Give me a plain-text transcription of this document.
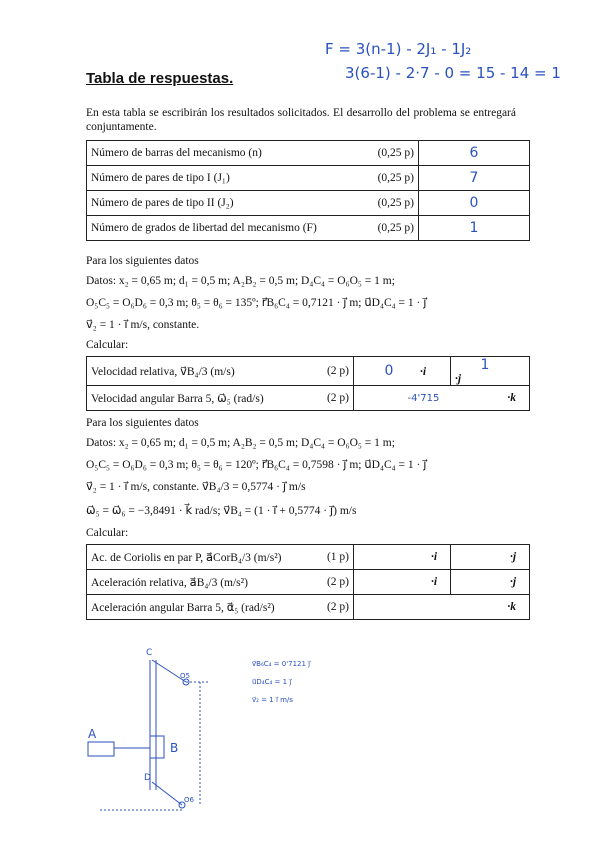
F = 3(n-1) - 2J₁ - 1J₂
3(6-1) - 2·7 - 0 = 15 - 14 = 1
Tabla de respuestas.
En esta tabla se escribirán los resultados solicitados. El desarrollo del problema se entregará conjuntamente.
Número de barras del mecanismo (n)	(0,25 p)	6
Número de pares de tipo I (J₁)	(0,25 p)	7
Número de pares de tipo II (J₂)	(0,25 p)	0
Número de grados de libertad del mecanismo (F)	(0,25 p)	1
Para los siguientes datos
Datos: x₂ = 0,65 m; d₁ = 0,5 m; A₂B₂ = 0,5 m; D₄C₄ = O₆O₅ = 1 m;
O₅C₅ = O₆D₆ = 0,3 m; θ₅ = θ₆ = 135º; r⃗B₆C₄ = 0,7121 · j⃗ m; u⃗D₄C₄ = 1 · j⃗
v⃗₂ = 1 · i⃗ m/s, constante.
Calcular:
Velocidad relativa, v⃗B₄/3 (m/s)	(2 p)	0 ·i⃗	1·j⃗
Velocidad angular Barra 5, ω⃗₅ (rad/s)	(2 p)	-4'715 ·k⃗	
Para los siguientes datos
Datos: x₂ = 0,65 m; d₁ = 0,5 m; A₂B₂ = 0,5 m; D₄C₄ = O₆O₅ = 1 m;
O₅C₅ = O₆D₆ = 0,3 m; θ₅ = θ₆ = 120º; r⃗B₆C₄ = 0,7598 · j⃗ m; u⃗D₄C₄ = 1 · j⃗
v⃗₂ = 1 · i⃗ m/s, constante. v⃗B₄/3 = 0,5774 · j⃗ m/s
ω⃗₅ = ω⃗₆ = −3,8491 · k⃗ rad/s; v⃗B₄ = (1 · i⃗ + 0,5774 · j⃗) m/s
Calcular:
Ac. de Coriolis en par P, a⃗CorB₄/3 (m/s²)	(1 p)	·i⃗	·j⃗
Aceleración relativa, a⃗B₄/3 (m/s²)	(2 p)	·i⃗	·j⃗
Aceleración angular Barra 5, α⃗₅ (rad/s²)	(2 p)	·k⃗	
A
B
C
D
O5
O6
v⃗B₆C₄ = 0'7121 j⃗
u⃗D₄C₄ = 1 j⃗
v⃗₂ = 1 i⃗ m/s
